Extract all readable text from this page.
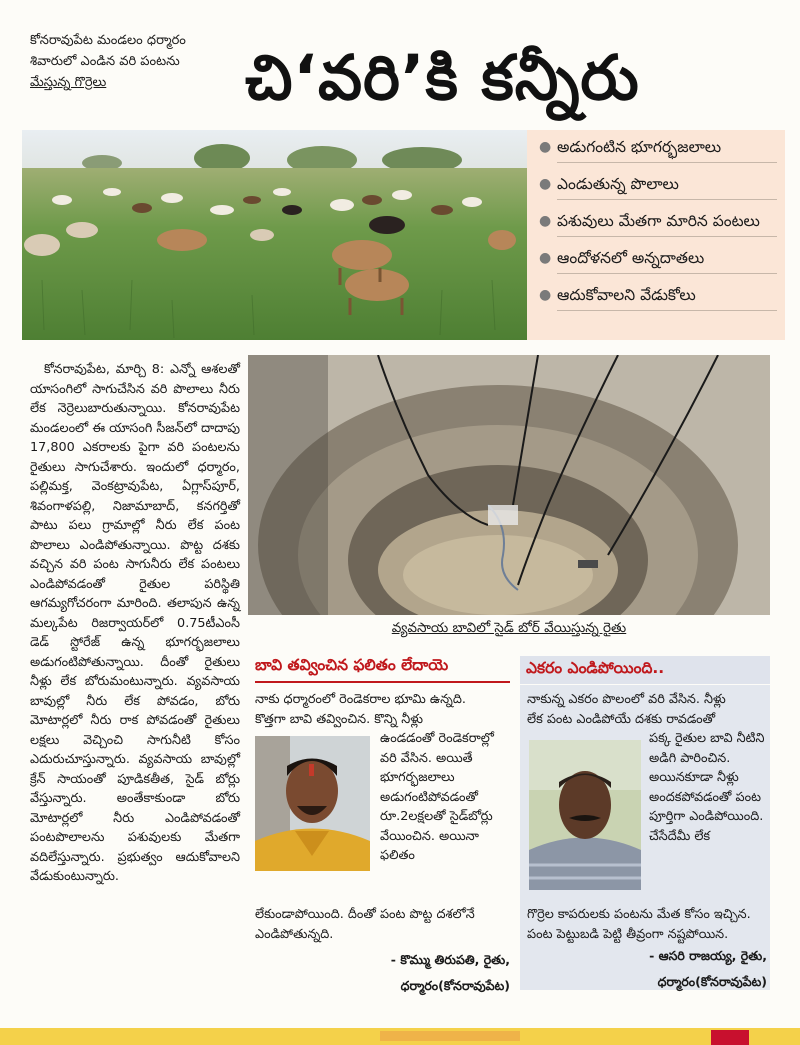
కోనరావుపేట మండలం ధర్మారం
శివారులో ఎండిన వరి పంటను
మేస్తున్న గొర్రెలు	చి‘వరి’కి కన్నీరు
● అడుగంటిన భూగర్భజలాలు
● ఎండుతున్న పొలాలు
● పశువులు మేతగా మారిన పంటలు
● ఆందోళనలో అన్నదాతలు
● ఆదుకోవాలని వేడుకోలు

కోనరావుపేట, మార్చి 8: ఎన్నో ఆశలతో యాసంగిలో సాగుచేసిన వరి పొలాలు నీరు లేక నెర్రెలుబారుతున్నాయి. కోనరావుపేట మండలంలో ఈ యాసంగి సీజన్‌లో దాదాపు 17,800 ఎకరాలకు పైగా వరి పంటలను రైతులు సాగుచేశారు. ఇందులో ధర్మారం, పల్లిమక్త, వెంకట్రావుపేట, ఏగ్లాస్‌పూర్, శివంగాళపల్లి, నిజామాబాద్, కనగర్తితో పాటు పలు గ్రామాల్లో నీరు లేక పంట పొలాలు ఎండిపోతున్నాయి. పొట్ట దశకు వచ్చిన వరి పంట సాగునీరు లేక పంటలు ఎండిపోవడంతో రైతుల పరిస్థితి ఆగమ్యగోచరంగా మారింది. తలాపున ఉన్న మల్కపేట రిజర్వాయర్‌లో 0.75టీఎంసీ డెడ్ స్టోరేజ్ ఉన్న భూగర్భజలాలు అడుగంటిపోతున్నాయి. దీంతో రైతులు నీళ్లు లేక బోరుమంటున్నారు. వ్యవసాయ బావుల్లో నీరు లేక పోవడం, బోరు మోటార్లలో నీరు రాక పోవడంతో రైతులు లక్షలు వెచ్చించి సాగునీటి కోసం ఎదురుచూస్తున్నారు. వ్యవసాయ బావుల్లో క్రేన్ సాయంతో పూడికతీత, సైడ్ బోర్లు వేస్తున్నారు. అంతేకాకుండా బోరు మోటార్లలో నీరు ఎండిపోవడంతో పంటపొలాలను పశువులకు మేతగా వదిలేస్తున్నారు. ప్రభుత్వం ఆదుకోవాలని వేడుకుంటున్నారు.

వ్యవసాయ బావిలో సైడ్ బోర్ వేయిస్తున్న రైతు
బావి తవ్వించిన ఫలితం లేదాయె
నాకు ధర్మారంలో రెండెకరాల భూమి ఉన్నది.
కొత్తగా బావి తవ్వించిన. కొన్ని నీళ్లు
ఉండడంతో రెండెకరాల్లో వరి వేసిన. అయితే భూగర్భజలాలు అడుగంటిపోవడంతో రూ.2లక్షలతో సైడ్‌బోర్లు వేయించిన. అయినా ఫలితం
లేకుండాపోయింది. దీంతో పంట పొట్ట దశలోనే ఎండిపోతున్నది.
- కొమ్ము తిరుపతి, రైతు,
ధర్మారం(కోనరావుపేట)
ఎకరం ఎండిపోయింది..
నాకున్న ఎకరం పొలంలో వరి వేసిన. నీళ్లు
లేక పంట ఎండిపోయే దశకు రావడంతో
పక్క రైతుల బావి నీటిని అడిగి పారించిన. అయినకూడా నీళ్లు అందకపోవడంతో పంట పూర్తిగా ఎండిపోయింది. చేసేదేమీ లేక
గొర్రెల కాపరులకు పంటను మేత కోసం ఇచ్చిన. పంట పెట్టుబడి పెట్టి తీవ్రంగా నష్టపోయిన.
- ఆసరి రాజయ్య, రైతు,
ధర్మారం(కోనరావుపేట)
